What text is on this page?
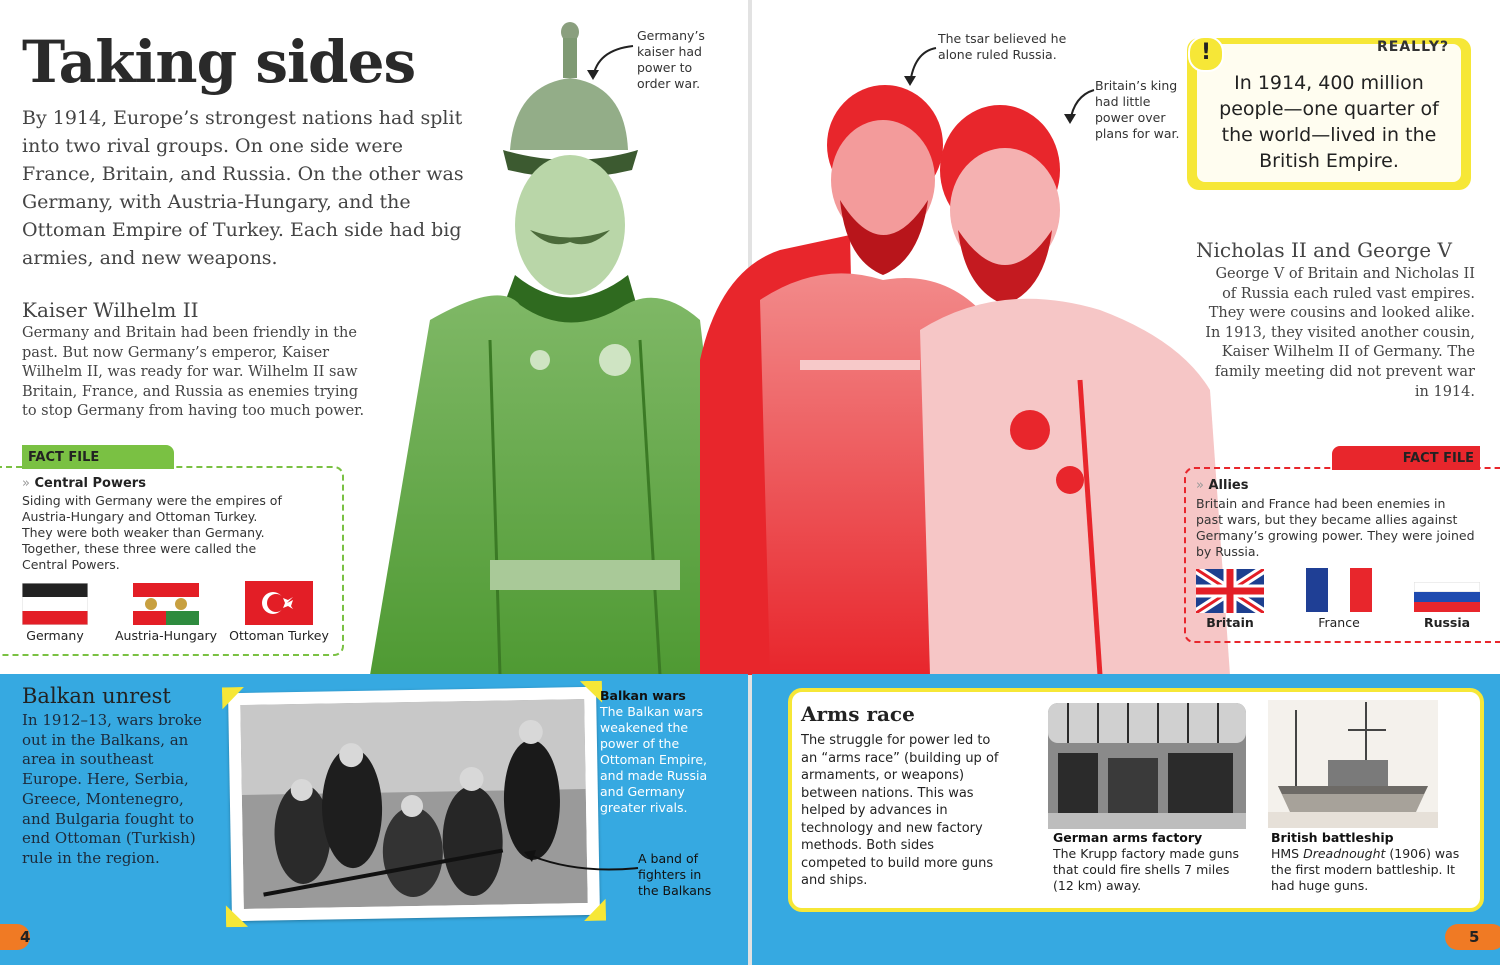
Taking sides
By 1914, Europe’s strongest nations had split into two rival groups. On one side were France, Britain, and Russia. On the other was Germany, with Austria-Hungary, and the Ottoman Empire of Turkey. Each side had big armies, and new weapons.
Kaiser Wilhelm II
Germany and Britain had been friendly in the past. But now Germany’s emperor, Kaiser Wilhelm II, was ready for war. Wilhelm II saw Britain, France, and Russia as enemies trying to stop Germany from having too much power.
Germany’s kaiser had power to order war.
FACT FILE
» Central Powers
Siding with Germany were the empires of Austria-Hungary and Ottoman Turkey. They were both weaker than Germany. Together, these three were called the Central Powers.
Germany	Austria-Hungary Ottoman Turkey
The tsar believed he alone ruled Russia.
Britain’s king had little power over plans for war.
REALLY?
In 1914, 400 million people—one quarter of the world—lived in the British Empire.
!
Nicholas II and George V
George V of Britain and Nicholas II of Russia each ruled vast empires. They were cousins and looked alike. In 1913, they visited another cousin, Kaiser Wilhelm II of Germany. The family meeting did not prevent war in 1914.
FACT FILE
» Allies
Britain and France had been enemies in past wars, but they became allies against Germany’s growing power. They were joined by Russia.
Britain	France	Russia
Balkan unrest
In 1912–13, wars broke out in the Balkans, an area in southeast Europe. Here, Serbia, Greece, Montenegro, and Bulgaria fought to end Ottoman (Turkish) rule in the region.
Balkan wars
The Balkan wars weakened the power of the Ottoman Empire, and made Russia and Germany greater rivals.
A band of fighters in the Balkans
Arms race
The struggle for power led to an “arms race” (building up of armaments, or weapons) between nations. This was helped by advances in technology and new factory methods. Both sides competed to build more guns and ships.
German arms factory
The Krupp factory made guns that could fire shells 7 miles (12 km) away.
British battleship
HMS Dreadnought (1906) was the first modern battleship. It had huge guns.
4	5
